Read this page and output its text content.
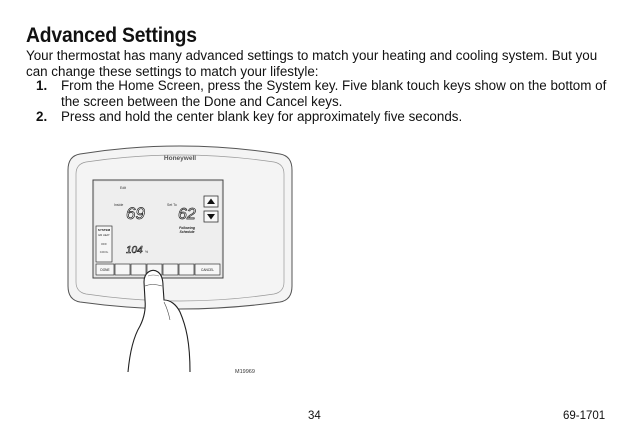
Advanced Settings
Your thermostat has many advanced settings to match your heating and cooling system. But you can change these settings to match your lifestyle:
1.	From the Home Screen, press the System key. Five blank touch keys show on the bottom of the screen between the Done and Cancel keys.
2.	Press and hold the center blank key for approximately five seconds.
Honeywell
Edit
Inside 69	Set To
62
Following
Schedule
SYSTEM
EM HEAT
OFF
COOL 104 %
DONE	CANCEL
M19969
34	69-1701
